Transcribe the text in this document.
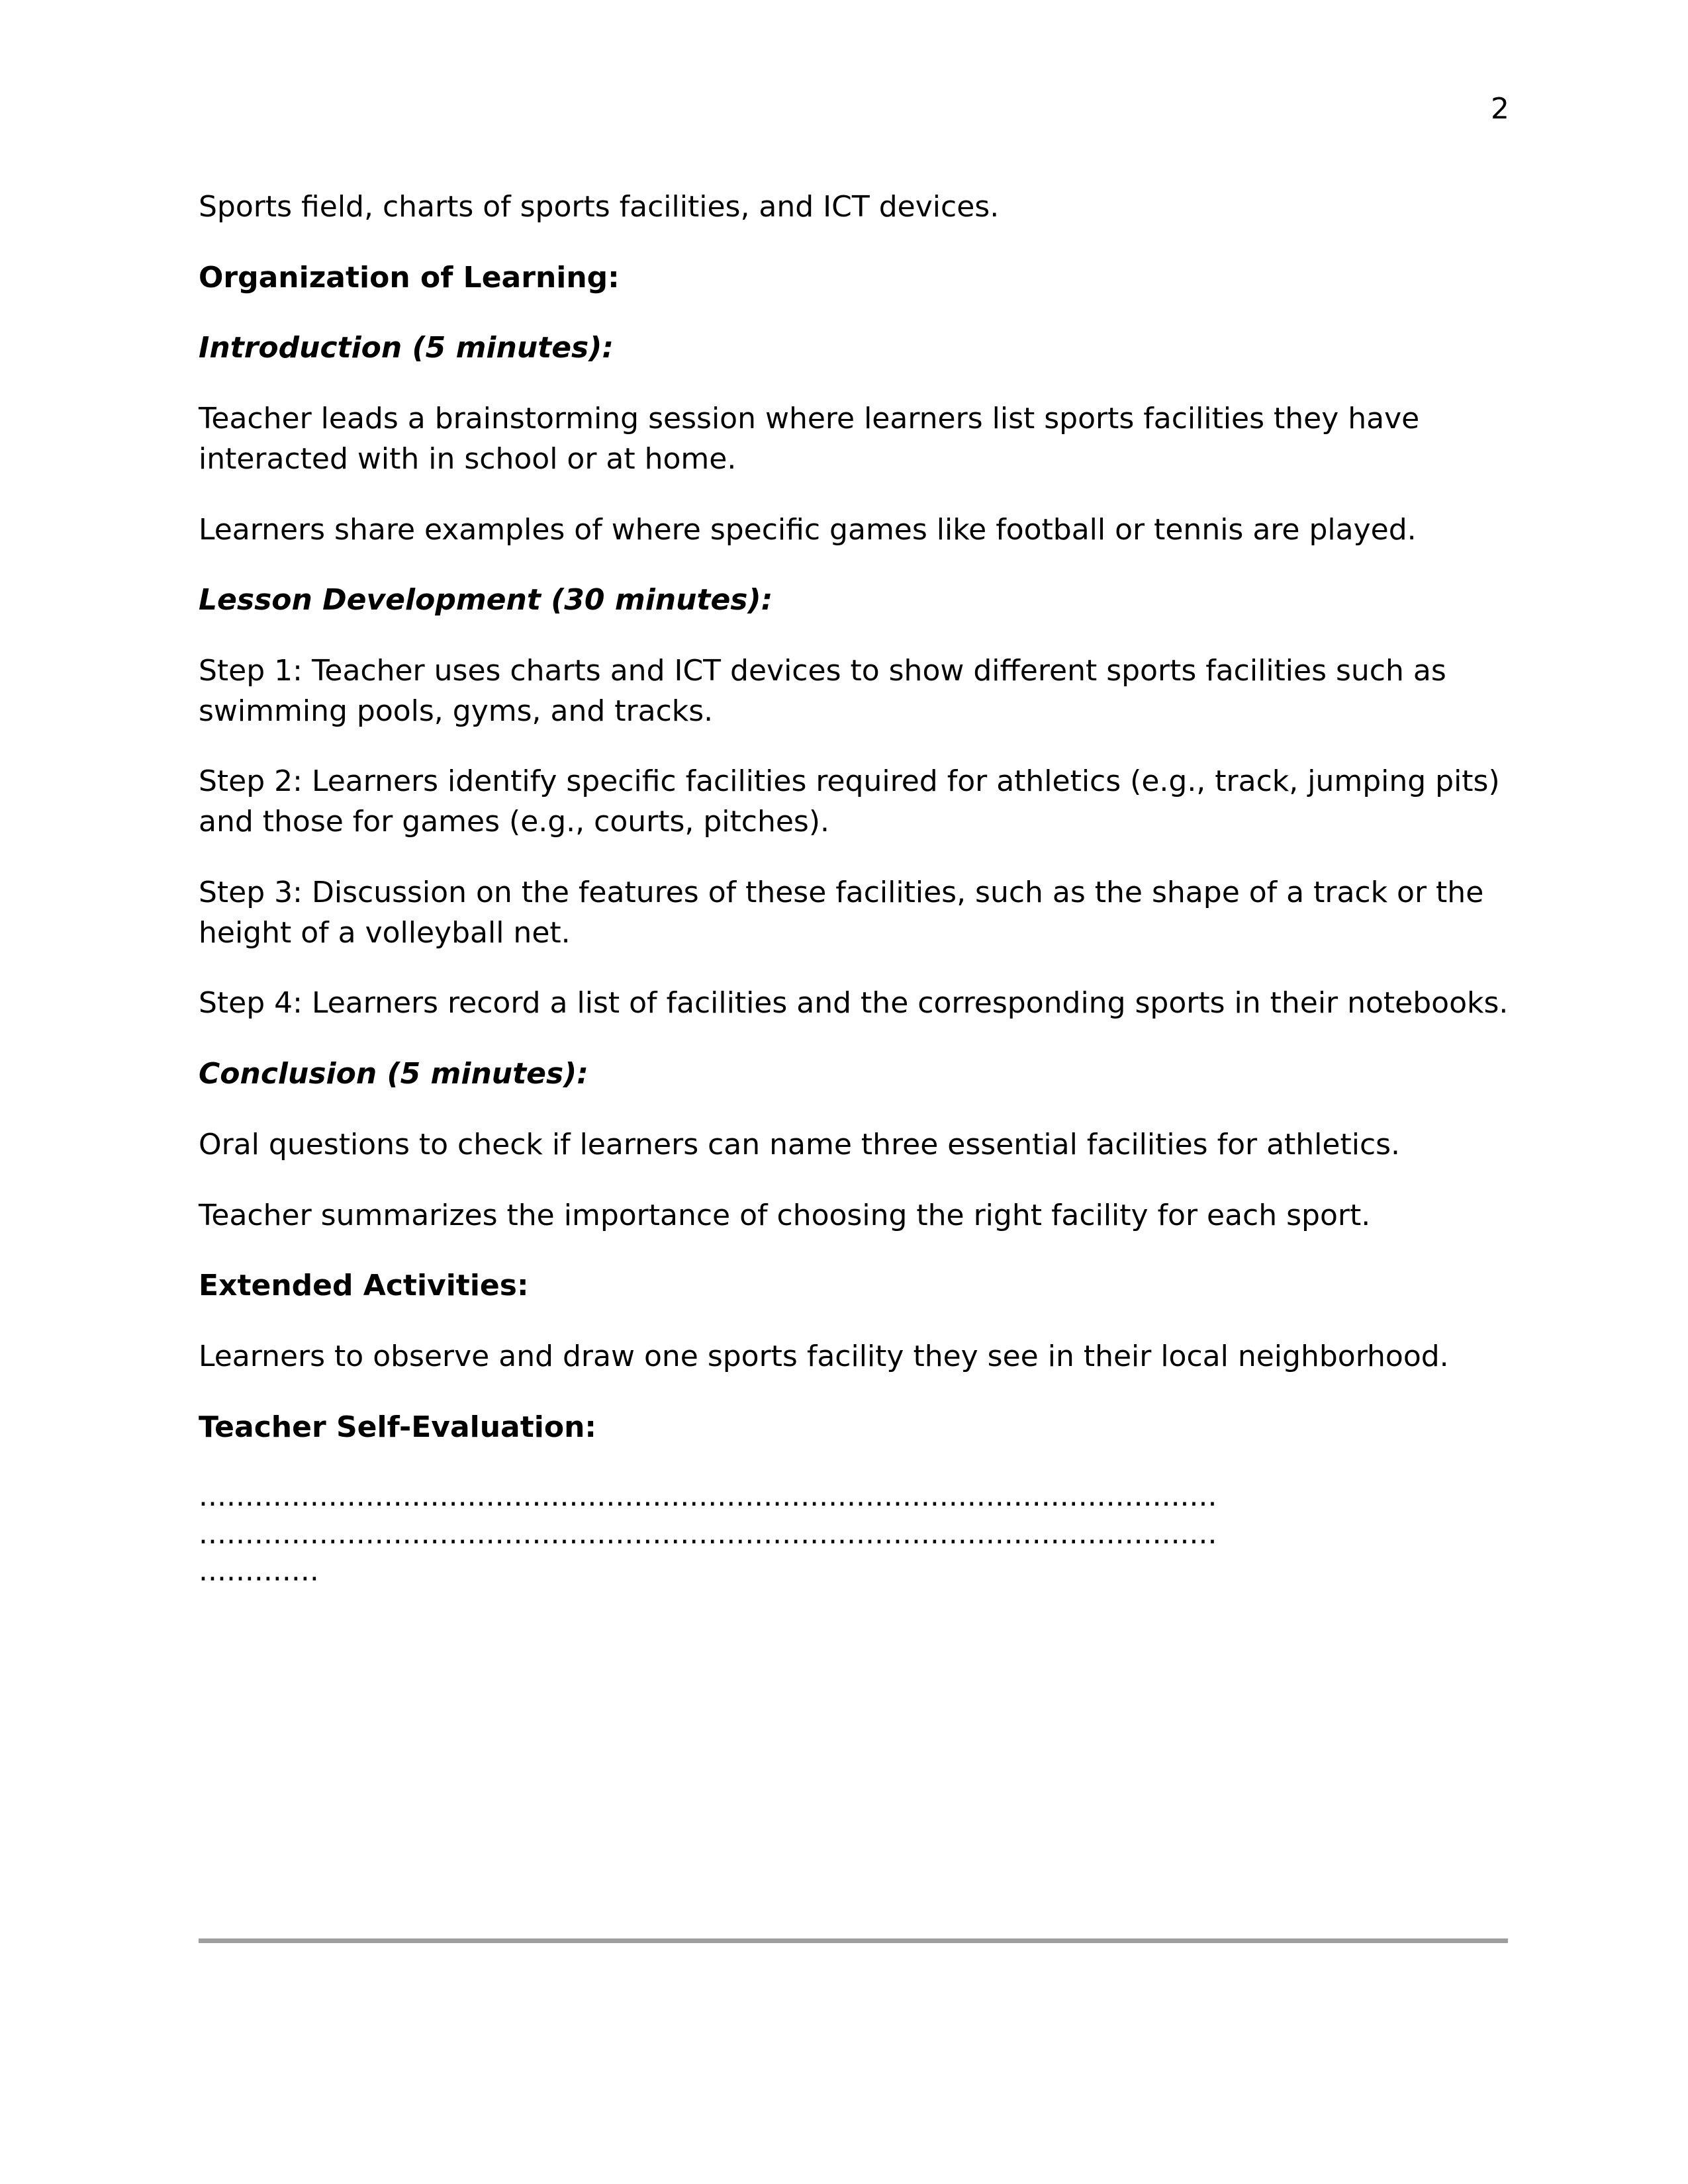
2

Sports field, charts of sports facilities, and ICT devices.

Organization of Learning:
Introduction (5 minutes):

Teacher leads a brainstorming session where learners list sports facilities they have interacted with in school or at home.

Learners share examples of where specific games like football or tennis are played.

Lesson Development (30 minutes):

Step 1: Teacher uses charts and ICT devices to show different sports facilities such as swimming pools, gyms, and tracks.

Step 2: Learners identify specific facilities required for athletics (e.g., track, jumping pits) and those for games (e.g., courts, pitches).

Step 3: Discussion on the features of these facilities, such as the shape of a track or the height of a volleyball net.

Step 4: Learners record a list of facilities and the corresponding sports in their notebooks.

Conclusion (5 minutes):

Oral questions to check if learners can name three essential facilities for athletics.

Teacher summarizes the importance of choosing the right facility for each sport.

Extended Activities:

Learners to observe and draw one sports facility they see in their local neighborhood.

Teacher Self-Evaluation:
..............................................................................................................
..............................................................................................................
.............
